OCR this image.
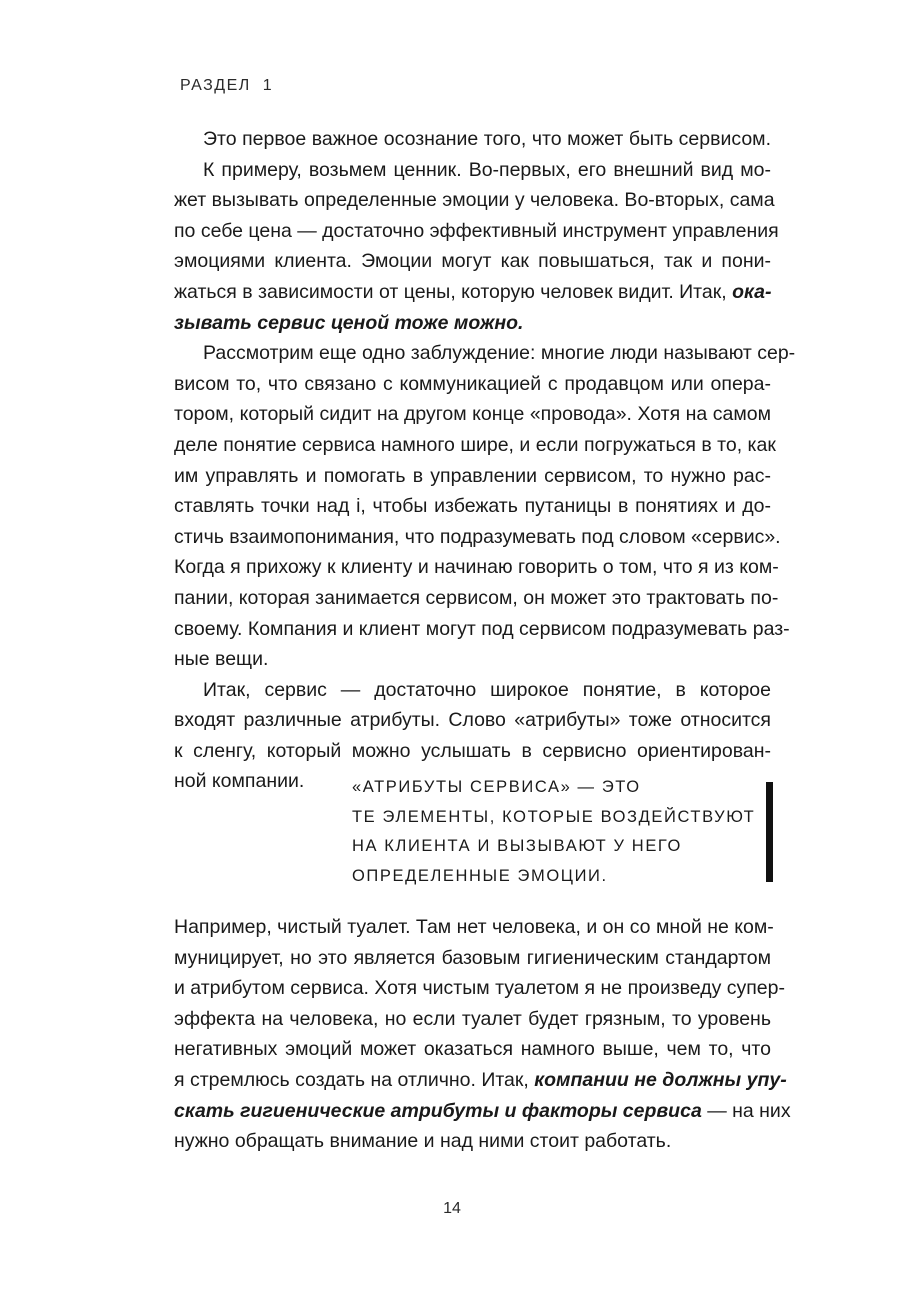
РАЗДЕЛ 1
Это первое важное осознание того, что может быть сервисом.
К примеру, возьмем ценник. Во-первых, его внешний вид мо-
жет вызывать определенные эмоции у человека. Во-вторых, сама
по себе цена — достаточно эффективный инструмент управления
эмоциями клиента. Эмоции могут как повышаться, так и пони-
жаться в зависимости от цены, которую человек видит. Итак, ока-
зывать сервис ценой тоже можно.
Рассмотрим еще одно заблуждение: многие люди называют сер-
висом то, что связано с коммуникацией с продавцом или опера-
тором, который сидит на другом конце «провода». Хотя на самом
деле понятие сервиса намного шире, и если погружаться в то, как
им управлять и помогать в управлении сервисом, то нужно рас-
ставлять точки над i, чтобы избежать путаницы в понятиях и до-
стичь взаимопонимания, что подразумевать под словом «сервис».
Когда я прихожу к клиенту и начинаю говорить о том, что я из ком-
пании, которая занимается сервисом, он может это трактовать по-
своему. Компания и клиент могут под сервисом подразумевать раз-
ные вещи.
Итак, сервис — достаточно широкое понятие, в которое
входят различные атрибуты. Слово «атрибуты» тоже относится
к сленгу, который можно услышать в сервисно ориентирован-
ной компании.	«АТРИБУТЫ СЕРВИСА» — ЭТО
ТЕ ЭЛЕМЕНТЫ, КОТОРЫЕ ВОЗДЕЙСТВУЮТ
НА КЛИЕНТА И ВЫЗЫВАЮТ У НЕГО
ОПРЕДЕЛЕННЫЕ ЭМОЦИИ.
Например, чистый туалет. Там нет человека, и он со мной не ком-
муницирует, но это является базовым гигиеническим стандартом
и атрибутом сервиса. Хотя чистым туалетом я не произведу супер-
эффекта на человека, но если туалет будет грязным, то уровень
негативных эмоций может оказаться намного выше, чем то, что
я стремлюсь создать на отлично. Итак, компании не должны упу-
скать гигиенические атрибуты и факторы сервиса — на них
нужно обращать внимание и над ними стоит работать.
14
